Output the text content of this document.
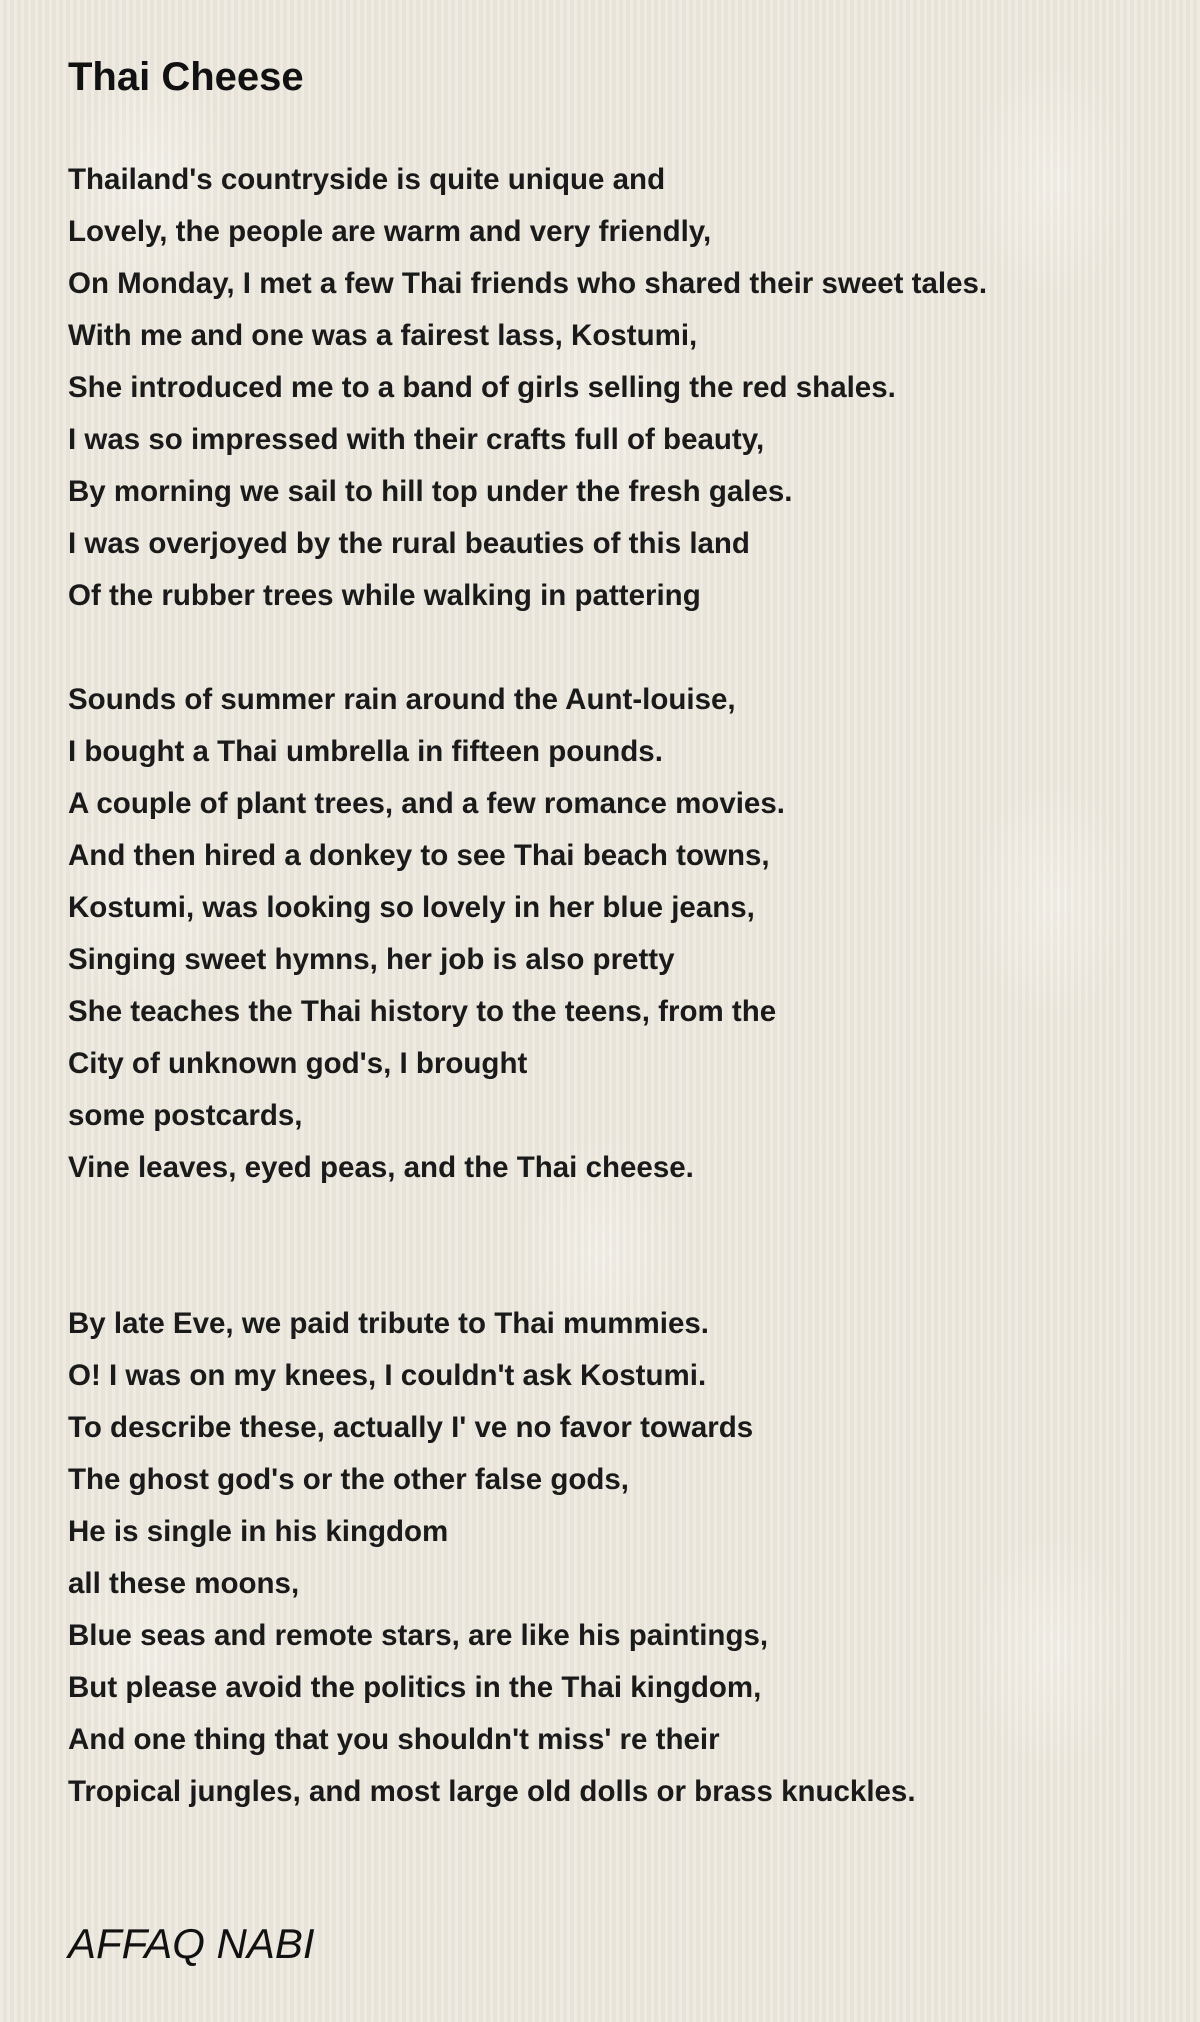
Thai Cheese
Thailand's countryside is quite unique and
Lovely, the people are warm and very friendly,
On Monday, I met a few Thai friends who shared their sweet tales.
With me and one was a fairest lass, Kostumi,
She introduced me to a band of girls selling the red shales.
I was so impressed with their crafts full of beauty,
By morning we sail to hill top under the fresh gales.
I was overjoyed by the rural beauties of this land
Of the rubber trees while walking in pattering
Sounds of summer rain around the Aunt-louise,
I bought a Thai umbrella in fifteen pounds.
A couple of plant trees, and a few romance movies.
And then hired a donkey to see Thai beach towns,
Kostumi, was looking so lovely in her blue jeans,
Singing sweet hymns, her job is also pretty
She teaches the Thai history to the teens, from the
City of unknown god's, I brought
some postcards,
Vine leaves, eyed peas, and the Thai cheese.
By late Eve, we paid tribute to Thai mummies.
O! I was on my knees, I couldn't ask Kostumi.
To describe these, actually I' ve no favor towards
The ghost god's or the other false gods,
He is single in his kingdom
all these moons,
Blue seas and remote stars, are like his paintings,
But please avoid the politics in the Thai kingdom,
And one thing that you shouldn't miss' re their
Tropical jungles, and most large old dolls or brass knuckles.

AFFAQ NABI
